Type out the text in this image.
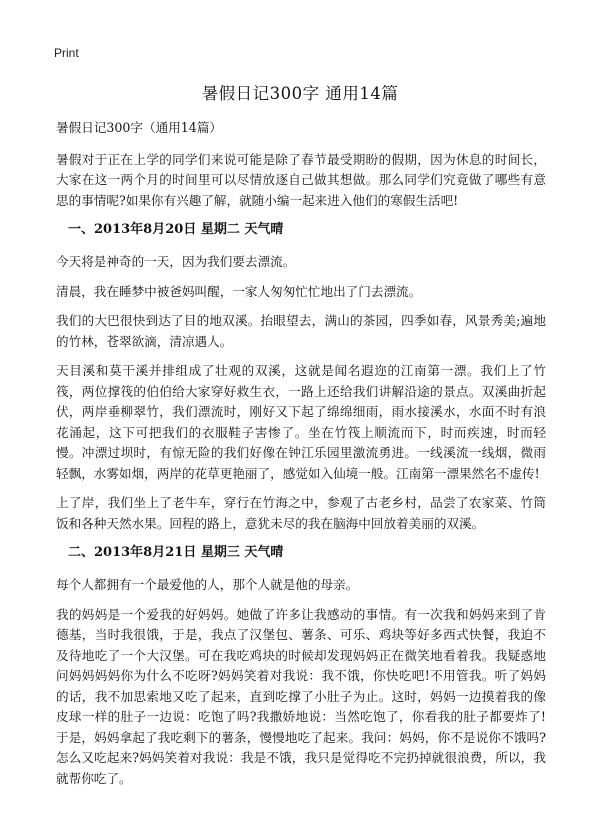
Print
暑假日记300字 通用14篇

暑假日记300字（通用14篇）

暑假对于正在上学的同学们来说可能是除了春节最受期盼的假期，因为休息的时间长，大家在这一两个月的时间里可以尽情放逐自己做其想做。那么同学们究竟做了哪些有意思的事情呢?如果你有兴趣了解，就随小编一起来进入他们的寒假生活吧!

一、2013年8月20日 星期二 天气晴

今天将是神奇的一天，因为我们要去漂流。

清晨，我在睡梦中被爸妈叫醒，一家人匆匆忙忙地出了门去漂流。

我们的大巴很快到达了目的地双溪。抬眼望去，满山的茶园，四季如春，风景秀美;遍地的竹林，苍翠欲滴，清凉遇人。

天目溪和莫干溪并排组成了壮观的双溪，这就是闻名遐迩的江南第一漂。我们上了竹筏，两位撑筏的伯伯给大家穿好救生衣，一路上还给我们讲解沿途的景点。双溪曲折起伏，两岸垂柳翠竹，我们漂流时，刚好又下起了绵绵细雨，雨水接溪水，水面不时有浪花涌起，这下可把我们的衣服鞋子害惨了。坐在竹筏上顺流而下，时而疾速，时而轻慢。冲漂过坝时，有惊无险的我们好像在钟江乐园里激流勇进。一线溪流一线烟，微雨轻飘，水雾如烟，两岸的花草更艳丽了，感觉如入仙境一般。江南第一漂果然名不虚传!

上了岸，我们坐上了老牛车，穿行在竹海之中，参观了古老乡村，品尝了农家菜、竹筒饭和各种天然水果。回程的路上，意犹未尽的我在脑海中回放着美丽的双溪。

二、2013年8月21日 星期三 天气晴

每个人都拥有一个最爱他的人，那个人就是他的母亲。

我的妈妈是一个爱我的好妈妈。她做了许多让我感动的事情。有一次我和妈妈来到了肯德基，当时我很饿，于是，我点了汉堡包、薯条、可乐、鸡块等好多西式快餐，我迫不及待地吃了一个大汉堡。可在我吃鸡块的时候却发现妈妈正在微笑地看着我。我疑惑地问妈妈妈妈你为什么不吃呀?妈妈笑着对我说：我不饿，你快吃吧!不用管我。听了妈妈的话，我不加思索地又吃了起来，直到吃撑了小肚子为止。这时，妈妈一边摸着我的像皮球一样的肚子一边说：吃饱了吗?我撒娇地说：当然吃饱了，你看我的肚子都要炸了!于是，妈妈拿起了我吃剩下的薯条，慢慢地吃了起来。我问：妈妈，你不是说你不饿吗?怎么又吃起来?妈妈笑着对我说：我是不饿，我只是觉得吃不完扔掉就很浪费，所以，我就帮你吃了。
